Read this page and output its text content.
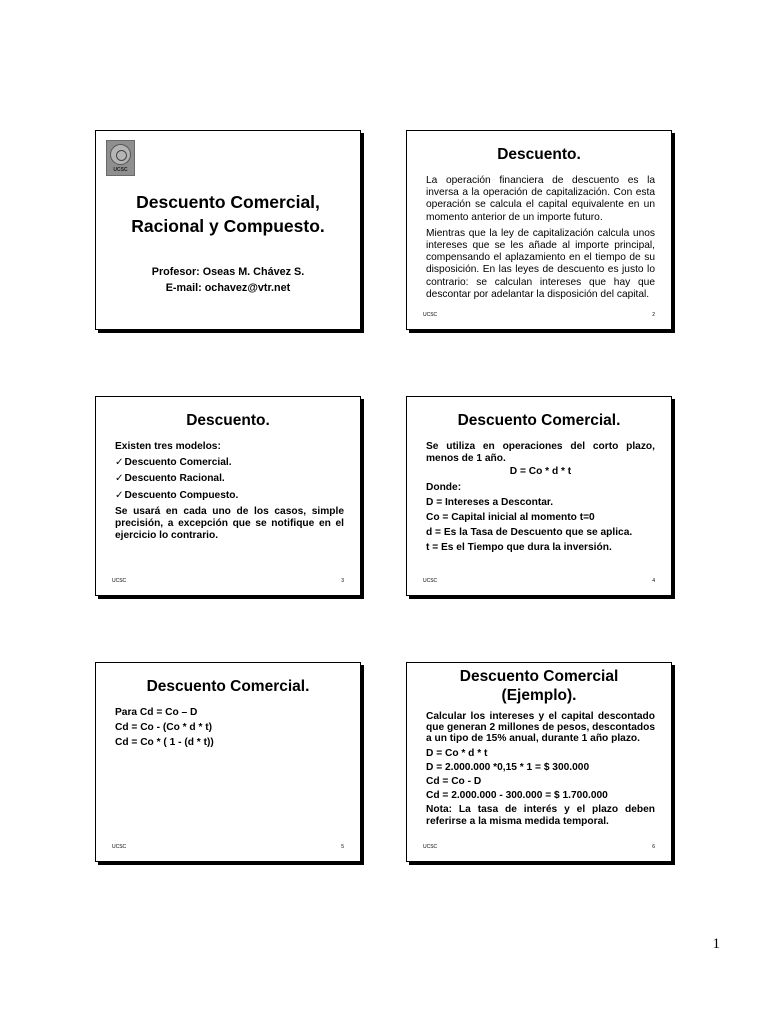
UCSC
Descuento Comercial,
Racional y Compuesto.
Profesor: Oseas M. Chávez S.
E-mail: ochavez@vtr.net
Descuento.

La operación financiera de descuento es la inversa a la operación de capitalización. Con esta operación se calcula el capital equivalente en un momento anterior de un importe futuro.

Mientras que la ley de capitalización calcula unos intereses que se les añade al importe principal, compensando el aplazamiento en el tiempo de su disposición. En las leyes de descuento es justo lo contrario: se calculan intereses que hay que descontar por adelantar la disposición del capital.

UCSC	2
Descuento.

Existen tres modelos:

✓ Descuento Comercial.

✓ Descuento Racional.

✓ Descuento Compuesto.

Se usará en cada uno de los casos, simple precisión, a excepción que se notifique en el ejercicio lo contrario.

UCSC	3
Descuento Comercial.

Se utiliza en operaciones del corto plazo, menos de 1 año.

D = Co * d * t

Donde:

D = Intereses a Descontar.

Co = Capital inicial al momento t=0

d = Es la Tasa de Descuento que se aplica.

t = Es el Tiempo que dura la inversión.

UCSC	4
Descuento Comercial.

Para Cd = Co – D

Cd = Co - (Co * d * t)

Cd = Co * ( 1 - (d * t))

UCSC	5
Descuento Comercial
(Ejemplo).

Calcular los intereses y el capital descontado que generan 2 millones de pesos, descontados a un tipo de 15% anual, durante 1 año plazo.

D = Co * d * t

D = 2.000.000 *0,15 * 1 = $ 300.000

Cd = Co - D

Cd = 2.000.000 - 300.000 = $ 1.700.000

Nota: La tasa de interés y el plazo deben referirse a la misma medida temporal.

UCSC	6
1
